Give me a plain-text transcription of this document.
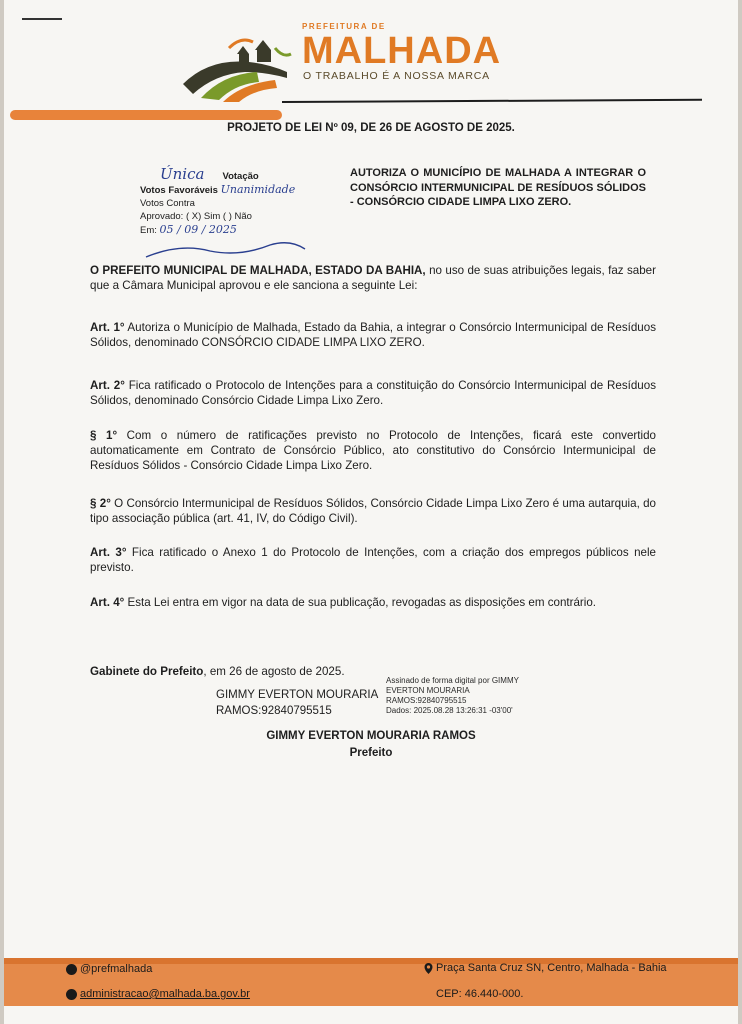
PREFEITURA DE
MALHADA
O TRABALHO É A NOSSA MARCA
PROJETO DE LEI Nº 09, DE 26 DE AGOSTO DE 2025.
Única Votação
Votos Favoráveis Unanimidade
Votos Contra
Aprovado: ( X) Sim ( ) Não
Em: 05 / 09 / 2025
AUTORIZA O MUNICÍPIO DE MALHADA A INTEGRAR O CONSÓRCIO INTERMUNICIPAL DE RESÍDUOS SÓLIDOS - CONSÓRCIO CIDADE LIMPA LIXO ZERO.
O PREFEITO MUNICIPAL DE MALHADA, ESTADO DA BAHIA, no uso de suas atribuições legais, faz saber que a Câmara Municipal aprovou e ele sanciona a seguinte Lei:
Art. 1° Autoriza o Município de Malhada, Estado da Bahia, a integrar o Consórcio Intermunicipal de Resíduos Sólidos, denominado CONSÓRCIO CIDADE LIMPA LIXO ZERO.
Art. 2° Fica ratificado o Protocolo de Intenções para a constituição do Consórcio Intermunicipal de Resíduos Sólidos, denominado Consórcio Cidade Limpa Lixo Zero.
§ 1° Com o número de ratificações previsto no Protocolo de Intenções, ficará este convertido automaticamente em Contrato de Consórcio Público, ato constitutivo do Consórcio Intermunicipal de Resíduos Sólidos - Consórcio Cidade Limpa Lixo Zero.
§ 2° O Consórcio Intermunicipal de Resíduos Sólidos, Consórcio Cidade Limpa Lixo Zero é uma autarquia, do tipo associação pública (art. 41, IV, do Código Civil).
Art. 3° Fica ratificado o Anexo 1 do Protocolo de Intenções, com a criação dos empregos públicos nele previsto.
Art. 4° Esta Lei entra em vigor na data de sua publicação, revogadas as disposições em contrário.
Gabinete do Prefeito, em 26 de agosto de 2025.
GIMMY EVERTON MOURARIA
RAMOS:92840795515
Assinado de forma digital por GIMMY
EVERTON MOURARIA
RAMOS:92840795515
Dados: 2025.08.28 13:26:31 -03'00'
GIMMY EVERTON MOURARIA RAMOS
Prefeito
@prefmalhada
administracao@malhada.ba.gov.br
Praça Santa Cruz SN, Centro, Malhada - Bahia
CEP: 46.440-000.
